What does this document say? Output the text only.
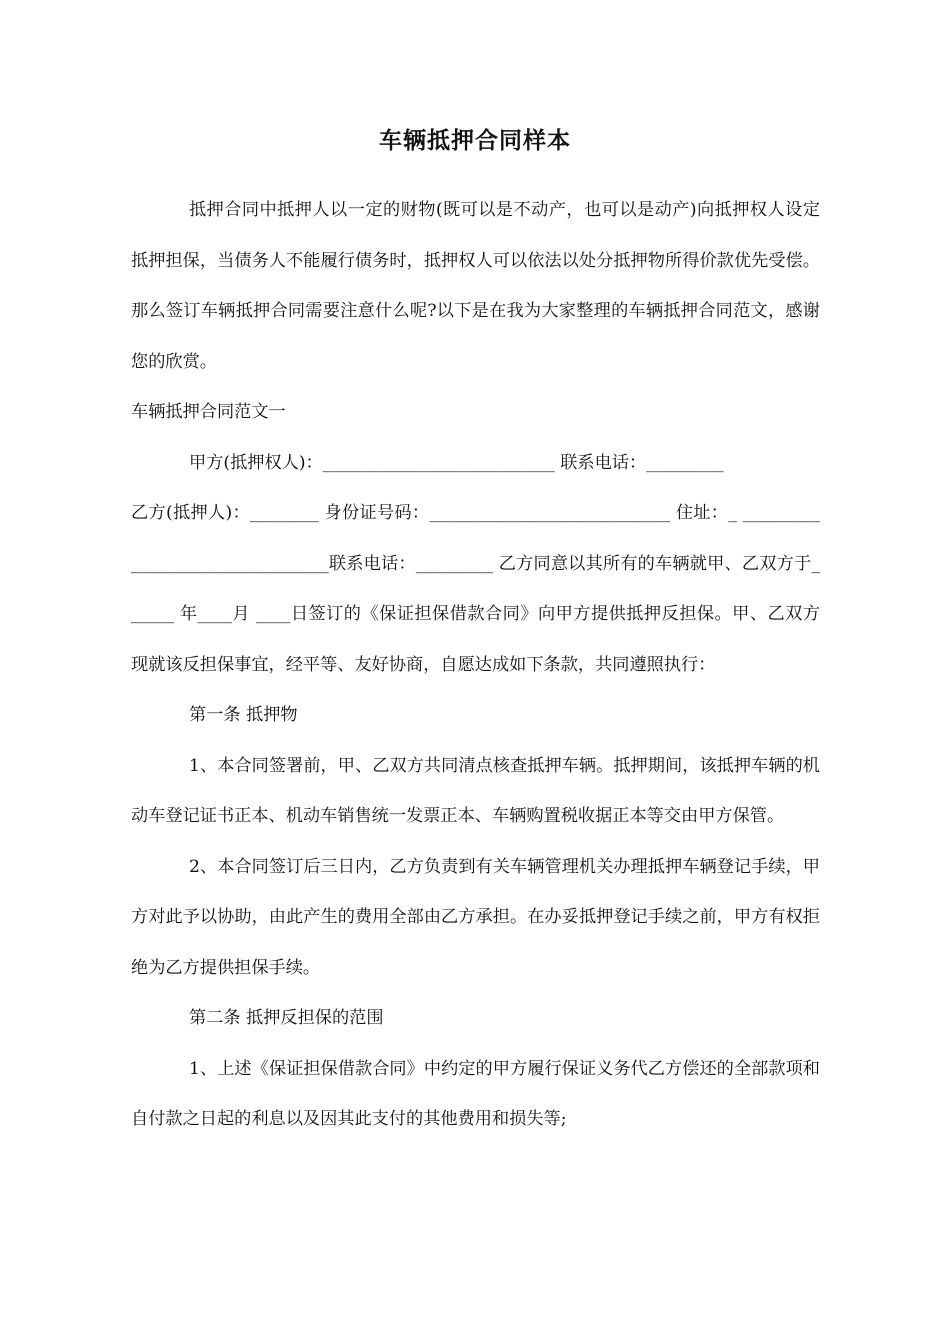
车辆抵押合同样本

抵押合同中抵押人以一定的财物(既可以是不动产，也可以是动产)向抵押权人设定抵押担保，当债务人不能履行债务时，抵押权人可以依法以处分抵押物所得价款优先受偿。那么签订车辆抵押合同需要注意什么呢?以下是在我为大家整理的车辆抵押合同范文，感谢您的欣赏。

车辆抵押合同范文一

甲方(抵押权人)：___________________________ 联系电话：_________

乙方(抵押人)：________ 身份证号码：____________________________ 住址：_ ________________________________联系电话：_________ 乙方同意以其所有的车辆就甲、乙双方于______ 年____月 ____日签订的《保证担保借款合同》向甲方提供抵押反担保。甲、乙双方现就该反担保事宜，经平等、友好协商，自愿达成如下条款，共同遵照执行：

第一条 抵押物

1、本合同签署前，甲、乙双方共同清点核查抵押车辆。抵押期间，该抵押车辆的机动车登记证书正本、机动车销售统一发票正本、车辆购置税收据正本等交由甲方保管。

2、本合同签订后三日内，乙方负责到有关车辆管理机关办理抵押车辆登记手续，甲方对此予以协助，由此产生的费用全部由乙方承担。在办妥抵押登记手续之前，甲方有权拒绝为乙方提供担保手续。

第二条 抵押反担保的范围

1、上述《保证担保借款合同》中约定的甲方履行保证义务代乙方偿还的全部款项和自付款之日起的利息以及因其此支付的其他费用和损失等;
